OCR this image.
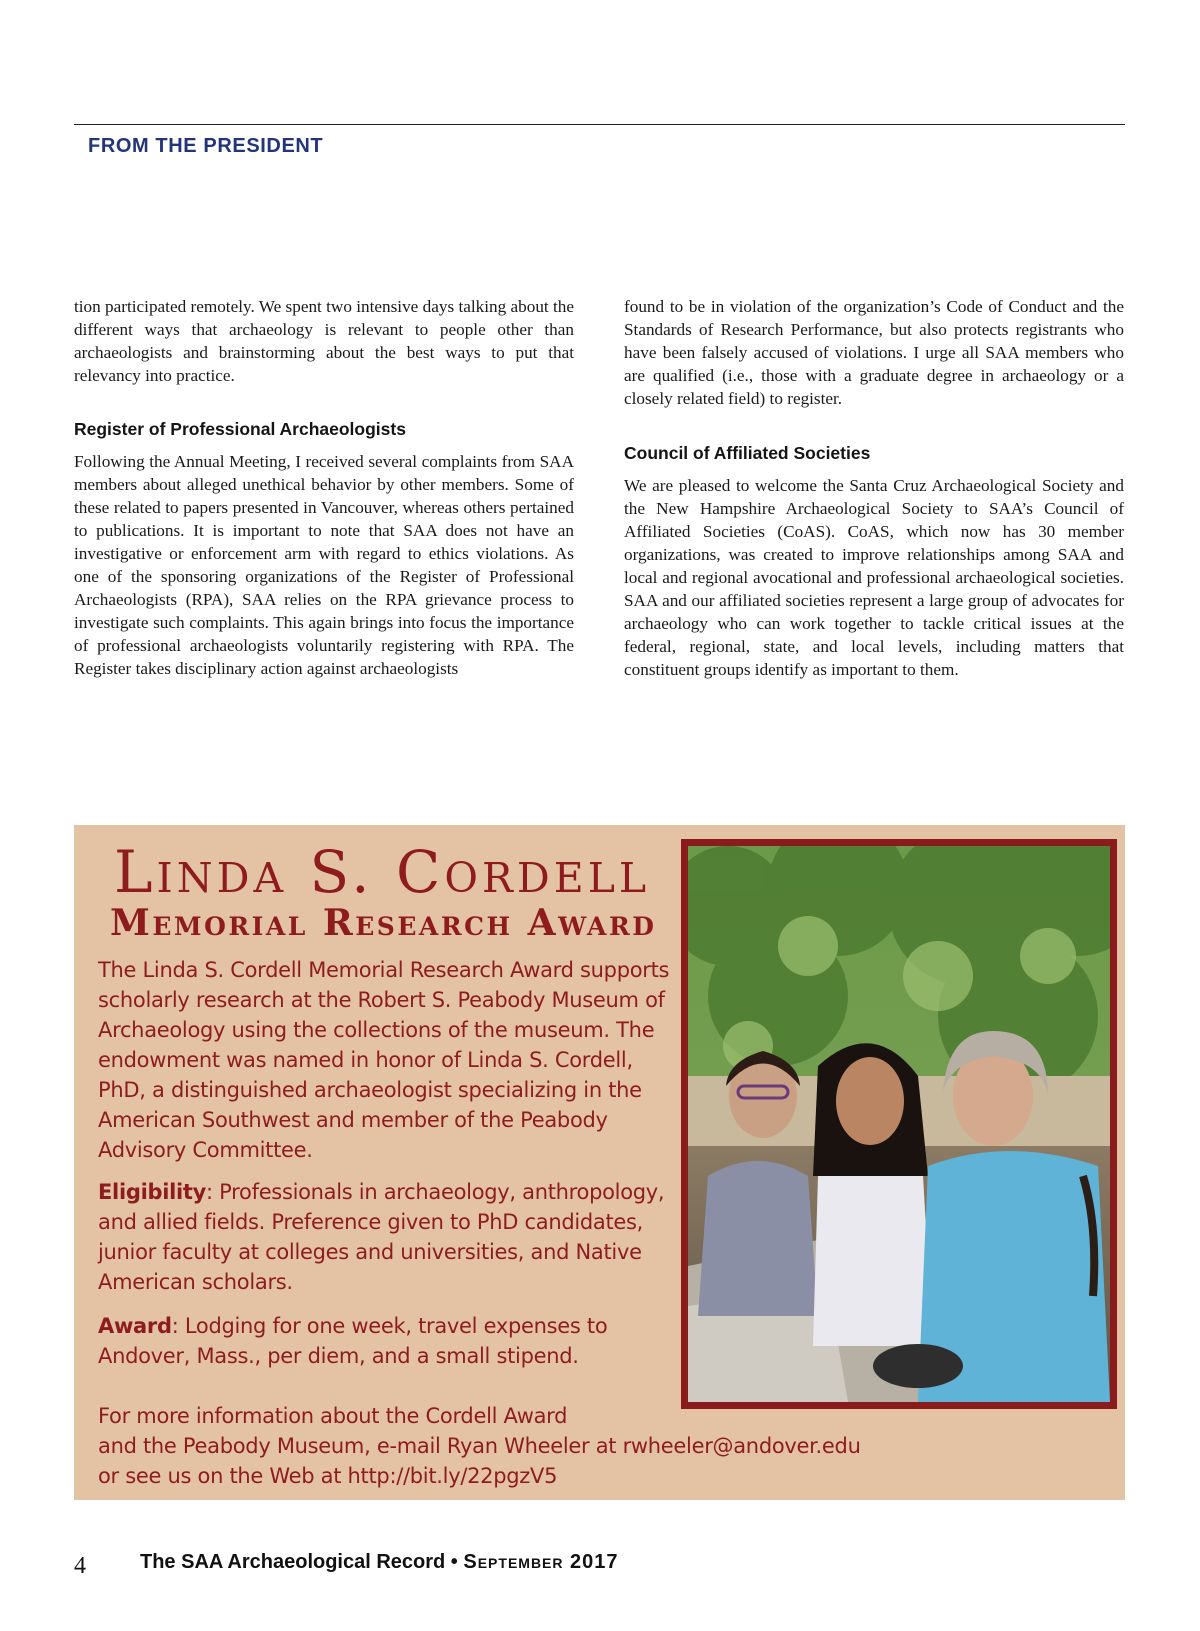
FROM THE PRESIDENT

tion participated remotely. We spent two intensive days talking about the different ways that archaeology is relevant to people other than archaeologists and brainstorming about the best ways to put that relevancy into practice.

Register of Professional Archaeologists

Following the Annual Meeting, I received several complaints from SAA members about alleged unethical behavior by other members. Some of these related to papers presented in Vancouver, whereas others pertained to publications. It is important to note that SAA does not have an investigative or enforcement arm with regard to ethics violations. As one of the sponsoring organizations of the Register of Professional Archaeologists (RPA), SAA relies on the RPA grievance process to investigate such complaints. This again brings into focus the importance of professional archaeologists voluntarily registering with RPA. The Register takes disciplinary action against archaeologists

found to be in violation of the organization’s Code of Conduct and the Standards of Research Performance, but also protects registrants who have been falsely accused of violations. I urge all SAA members who are qualified (i.e., those with a graduate degree in archaeology or a closely related field) to register.

Council of Affiliated Societies

We are pleased to welcome the Santa Cruz Archaeological Society and the New Hampshire Archaeological Society to SAA’s Council of Affiliated Societies (CoAS). CoAS, which now has 30 member organizations, was created to improve relationships among SAA and local and regional avocational and professional archaeological societies. SAA and our affiliated societies represent a large group of advocates for archaeology who can work together to tackle critical issues at the federal, regional, state, and local levels, including matters that constituent groups identify as important to them.

Linda S. Cordell
Memorial Research Award

The Linda S. Cordell Memorial Research Award supports scholarly research at the Robert S. Peabody Museum of Archaeology using the collections of the museum. The endowment was named in honor of Linda S. Cordell, PhD, a distinguished archaeologist specializing in the American Southwest and member of the Peabody Advisory Committee.

Eligibility: Professionals in archaeology, anthropology, and allied fields. Preference given to PhD candidates, junior faculty at colleges and universities, and Native American scholars.

Award: Lodging for one week, travel expenses to Andover, Mass., per diem, and a small stipend.

For more information about the Cordell Award
and the Peabody Museum, e-mail Ryan Wheeler at rwheeler@andover.edu
or see us on the Web at http://bit.ly/22pgzV5

4	The SAA Archaeological Record • September 2017
